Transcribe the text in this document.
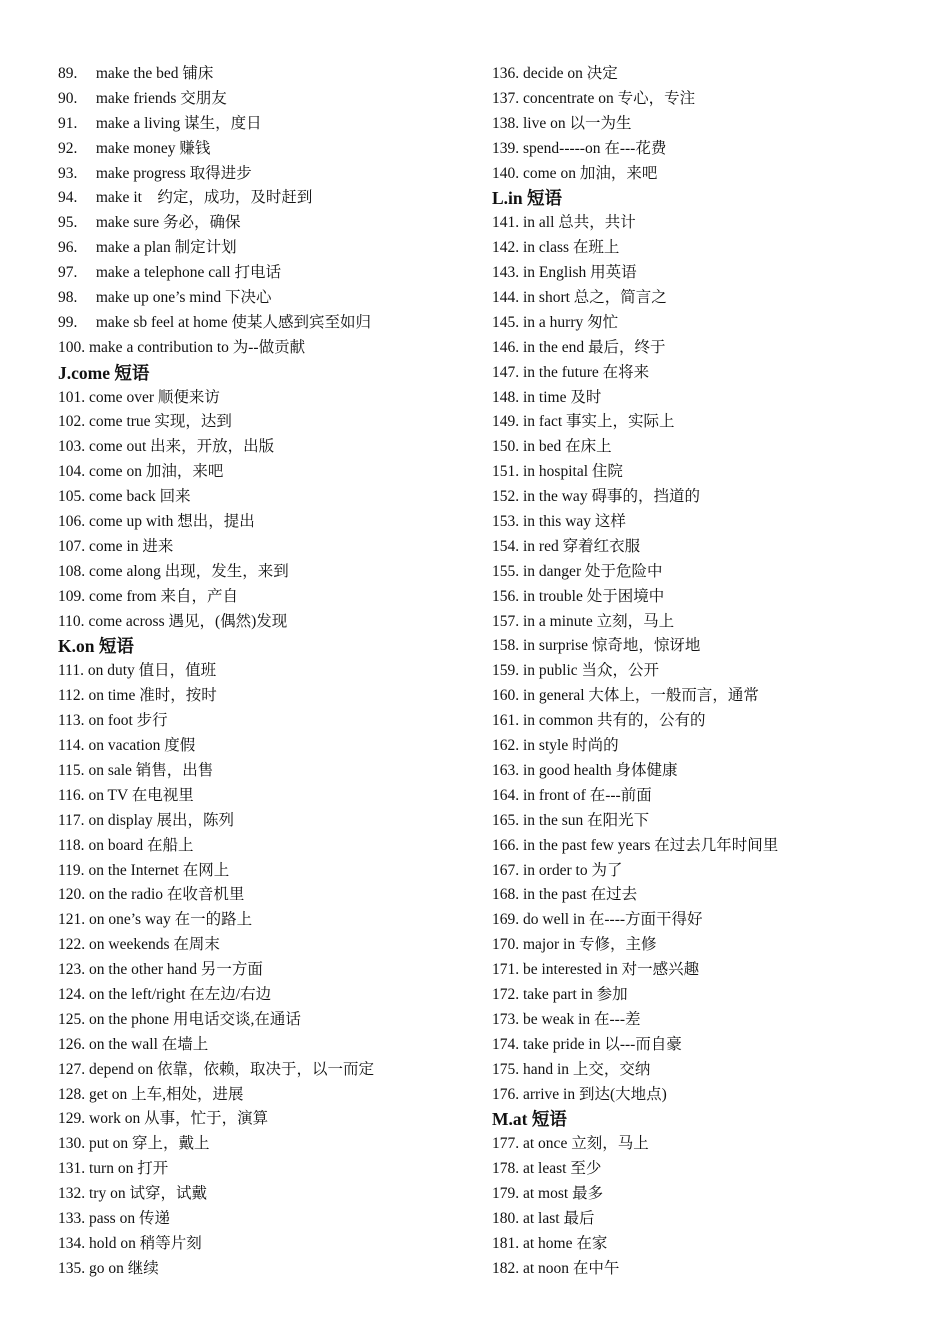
89. make the bed 铺床
90. make friends 交朋友
91. make a living 谋生，度日
92. make money 赚钱
93. make progress 取得进步
94. make it　约定，成功，及时赶到
95. make sure 务必，确保
96. make a plan 制定计划
97. make a telephone call 打电话
98. make up one’s mind 下决心
99. make sb feel at home 使某人感到宾至如归
100. make a contribution to 为--做贡献
J.come 短语
101. come over 顺便来访
102. come true 实现，达到
103. come out 出来，开放，出版
104. come on 加油，来吧
105. come back 回来
106. come up with 想出，提出
107. come in 进来
108. come along 出现，发生，来到
109. come from 来自，产自
110. come across 遇见，(偶然)发现
K.on 短语
111. on duty 值日，值班
112. on time 准时，按时
113. on foot 步行
114. on vacation 度假
115. on sale 销售，出售
116. on TV 在电视里
117. on display 展出，陈列
118. on board 在船上
119. on the Internet 在网上
120. on the radio 在收音机里
121. on one’s way 在一的路上
122. on weekends 在周末
123. on the other hand 另一方面
124. on the left/right 在左边/右边
125. on the phone 用电话交谈,在通话
126. on the wall 在墙上
127. depend on 依靠，依赖，取决于，以一而定
128. get on 上车,相处，进展
129. work on 从事，忙于，演算
130. put on 穿上，戴上
131. turn on 打开
132. try on 试穿，试戴
133. pass on 传递
134. hold on 稍等片刻
135. go on 继续
136. decide on 决定
137. concentrate on 专心，专注
138. live on 以一为生
139. spend-----on 在---花费
140. come on 加油，来吧
L.in 短语
141. in all 总共，共计
142. in class 在班上
143. in English 用英语
144. in short 总之，简言之
145. in a hurry 匆忙
146. in the end 最后，终于
147. in the future 在将来
148. in time 及时
149. in fact 事实上，实际上
150. in bed 在床上
151. in hospital 住院
152. in the way 碍事的，挡道的
153. in this way 这样
154. in red 穿着红衣服
155. in danger 处于危险中
156. in trouble 处于困境中
157. in a minute 立刻，马上
158. in surprise 惊奇地，惊讶地
159. in public 当众，公开
160. in general 大体上，一般而言，通常
161. in common 共有的，公有的
162. in style 时尚的
163. in good health 身体健康
164. in front of 在---前面
165. in the sun 在阳光下
166. in the past few years 在过去几年时间里
167. in order to 为了
168. in the past 在过去
169. do well in 在----方面干得好
170. major in 专修，主修
171. be interested in 对一感兴趣
172. take part in 参加
173. be weak in 在---差
174. take pride in 以---而自豪
175. hand in 上交，交纳
176. arrive in 到达(大地点)
M.at 短语
177. at once 立刻，马上
178. at least 至少
179. at most 最多
180. at last 最后
181. at home 在家
182. at noon 在中午
